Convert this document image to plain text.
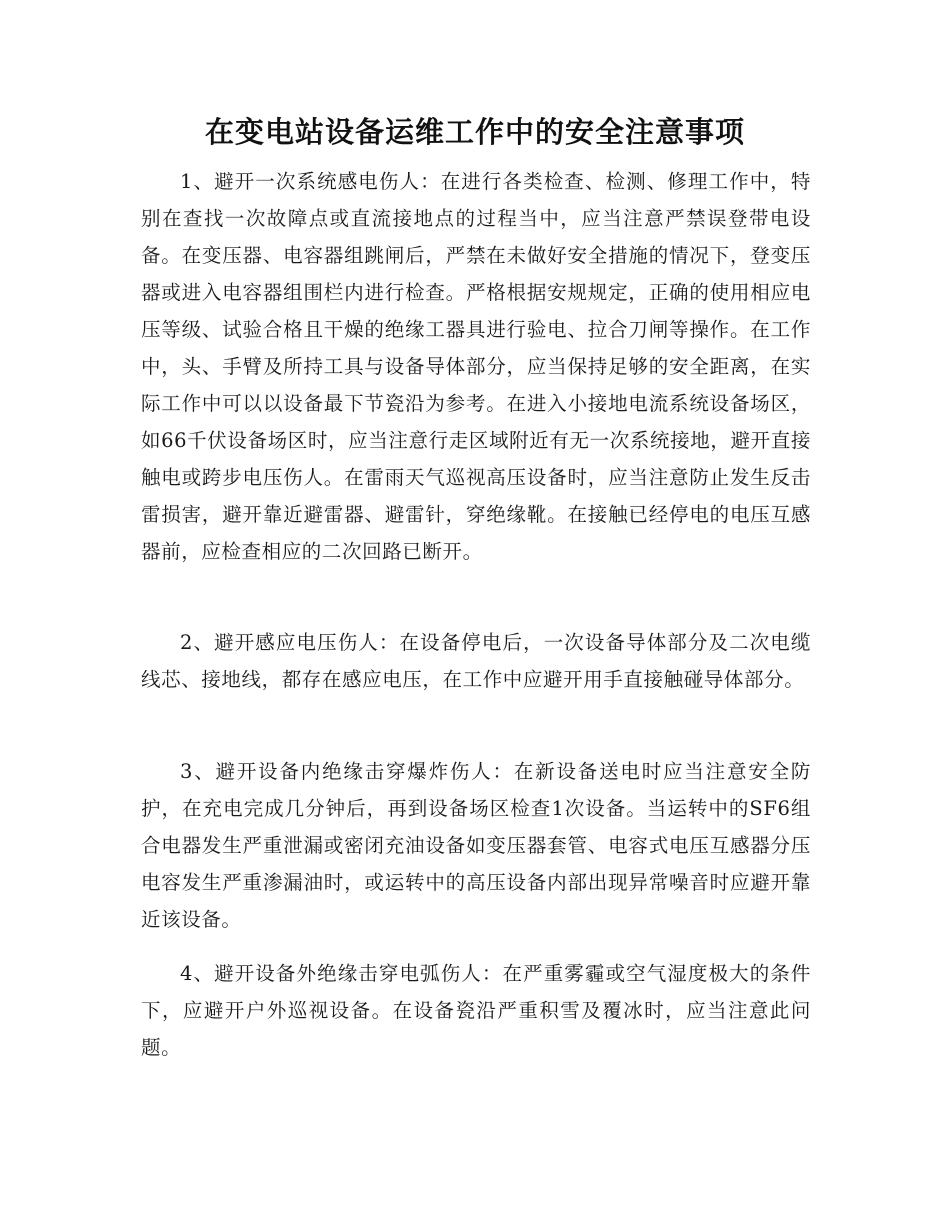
在变电站设备运维工作中的安全注意事项

1、避开一次系统感电伤人：在进行各类检查、检测、修理工作中，特别在查找一次故障点或直流接地点的过程当中，应当注意严禁误登带电设备。在变压器、电容器组跳闸后，严禁在未做好安全措施的情况下，登变压器或进入电容器组围栏内进行检查。严格根据安规规定，正确的使用相应电压等级、试验合格且干燥的绝缘工器具进行验电、拉合刀闸等操作。在工作中，头、手臂及所持工具与设备导体部分，应当保持足够的安全距离，在实际工作中可以以设备最下节瓷沿为参考。在进入小接地电流系统设备场区，如66千伏设备场区时，应当注意行走区域附近有无一次系统接地，避开直接触电或跨步电压伤人。在雷雨天气巡视高压设备时，应当注意防止发生反击雷损害，避开靠近避雷器、避雷针，穿绝缘靴。在接触已经停电的电压互感器前，应检查相应的二次回路已断开。

2、避开感应电压伤人：在设备停电后，一次设备导体部分及二次电缆线芯、接地线，都存在感应电压，在工作中应避开用手直接触碰导体部分。

3、避开设备内绝缘击穿爆炸伤人：在新设备送电时应当注意安全防护，在充电完成几分钟后，再到设备场区检查1次设备。当运转中的SF6组合电器发生严重泄漏或密闭充油设备如变压器套管、电容式电压互感器分压电容发生严重渗漏油时，或运转中的高压设备内部出现异常噪音时应避开靠近该设备。

4、避开设备外绝缘击穿电弧伤人：在严重雾霾或空气湿度极大的条件下，应避开户外巡视设备。在设备瓷沿严重积雪及覆冰时，应当注意此问题。
